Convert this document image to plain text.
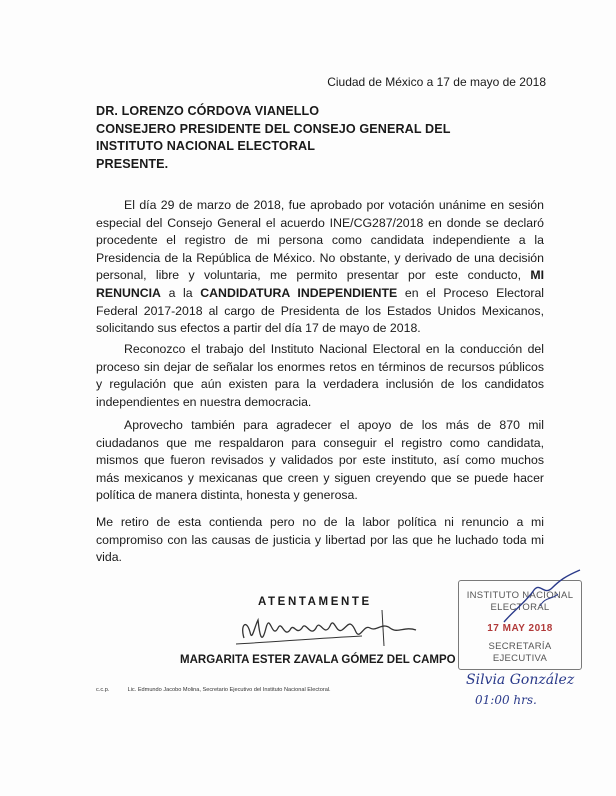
Ciudad de México a 17 de mayo de 2018
DR. LORENZO CÓRDOVA VIANELLO
CONSEJERO PRESIDENTE DEL CONSEJO GENERAL DEL
INSTITUTO NACIONAL ELECTORAL
PRESENTE.

El día 29 de marzo de 2018, fue aprobado por votación unánime en sesión especial del Consejo General el acuerdo INE/CG287/2018 en donde se declaró procedente el registro de mi persona como candidata independiente a la Presidencia de la República de México. No obstante, y derivado de una decisión personal, libre y voluntaria, me permito presentar por este conducto, MI RENUNCIA a la CANDIDATURA INDEPENDIENTE en el Proceso Electoral Federal 2017-2018 al cargo de Presidenta de los Estados Unidos Mexicanos, solicitando sus efectos a partir del día 17 de mayo de 2018.

Reconozco el trabajo del Instituto Nacional Electoral en la conducción del proceso sin dejar de señalar los enormes retos en términos de recursos públicos y regulación que aún existen para la verdadera inclusión de los candidatos independientes en nuestra democracia.

Aprovecho también para agradecer el apoyo de los más de 870 mil ciudadanos que me respaldaron para conseguir el registro como candidata, mismos que fueron revisados y validados por este instituto, así como muchos más mexicanos y mexicanas que creen y siguen creyendo que se puede hacer política de manera distinta, honesta y generosa.

Me retiro de esta contienda pero no de la labor política ni renuncio a mi compromiso con las causas de justicia y libertad por las que he luchado toda mi vida.

ATENTAMENTE
MARGARITA ESTER ZAVALA GÓMEZ DEL CAMPO
c.c.p.	Lic. Edmundo Jacobo Molina, Secretario Ejecutivo del Instituto Nacional Electoral.
INSTITUTO NACIONAL
ELECTORAL
17 MAY 2018
SECRETARÍA
EJECUTIVA
Silvia González
01:00 hrs.
